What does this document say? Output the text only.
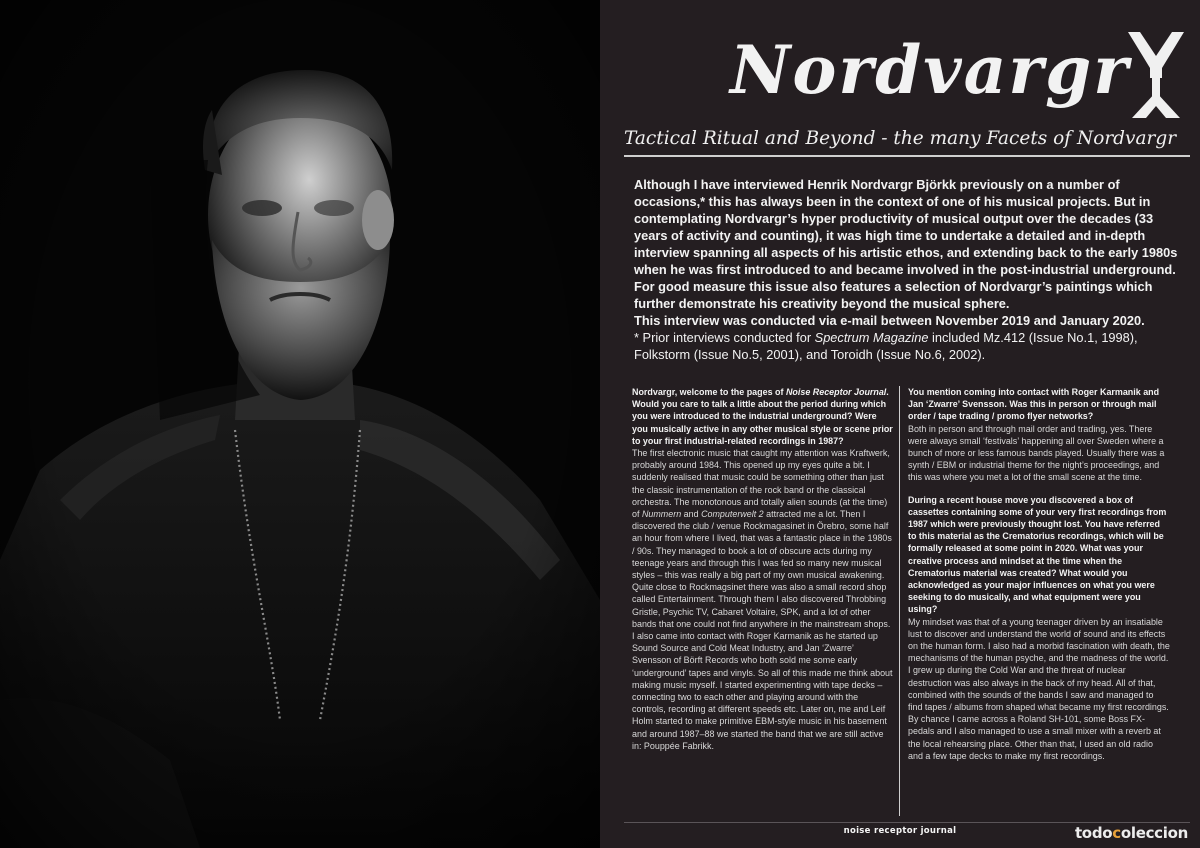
Nordvargr
Tactical Ritual and Beyond - the many Facets of Nordvargr

Although I have interviewed Henrik Nordvargr Björkk previously on a number of occasions,* this has always been in the context of one of his musical projects. But in contemplating Nordvargr’s hyper productivity of musical output over the decades (33 years of activity and counting), it was high time to undertake a detailed and in-depth interview spanning all aspects of his artistic ethos, and extending back to the early 1980s when he was first introduced to and became involved in the post-industrial underground.

For good measure this issue also features a selection of Nordvargr’s paintings which further demonstrate his creativity beyond the musical sphere.

This interview was conducted via e-mail between November 2019 and January 2020.

* Prior interviews conducted for Spectrum Magazine included Mz.412 (Issue No.1, 1998), Folkstorm (Issue No.5, 2001), and Toroidh (Issue No.6, 2002).

Nordvargr, welcome to the pages of Noise Receptor Journal. Would you care to talk a little about the period during which you were introduced to the industrial underground? Were you musically active in any other musical style or scene prior to your first industrial-related recordings in 1987?

The first electronic music that caught my attention was Kraftwerk, probably around 1984. This opened up my eyes quite a bit. I suddenly realised that music could be something other than just the classic instrumentation of the rock band or the classical orchestra. The monotonous and totally alien sounds (at the time) of Nummern and Computerwelt 2 attracted me a lot. Then I discovered the club / venue Rockmagasinet in Örebro, some half an hour from where I lived, that was a fantastic place in the 1980s / 90s. They managed to book a lot of obscure acts during my teenage years and through this I was fed so many new musical styles – this was really a big part of my own musical awakening. Quite close to Rockmagsinet there was also a small record shop called Entertainment. Through them I also discovered Throbbing Gristle, Psychic TV, Cabaret Voltaire, SPK, and a lot of other bands that one could not find anywhere in the mainstream shops.

I also came into contact with Roger Karmanik as he started up Sound Source and Cold Meat Industry, and Jan ‘Zwarre’ Svensson of Börft Records who both sold me some early ‘underground’ tapes and vinyls. So all of this made me think about making music myself. I started experimenting with tape decks – connecting two to each other and playing around with the controls, recording at different speeds etc. Later on, me and Leif Holm started to make primitive EBM-style music in his basement and around 1987–88 we started the band that we are still active in: Pouppée Fabrikk.

You mention coming into contact with Roger Karmanik and Jan ‘Zwarre’ Svensson. Was this in person or through mail order / tape trading / promo flyer networks?

Both in person and through mail order and trading, yes. There were always small ‘festivals’ happening all over Sweden where a bunch of more or less famous bands played. Usually there was a synth / EBM or industrial theme for the night’s proceedings, and this was where you met a lot of the small scene at the time.

During a recent house move you discovered a box of cassettes containing some of your very first recordings from 1987 which were previously thought lost. You have referred to this material as the Crematorius recordings, which will be formally released at some point in 2020. What was your creative process and mindset at the time when the Crematorius material was created? What would you acknowledged as your major influences on what you were seeking to do musically, and what equipment were you using?

My mindset was that of a young teenager driven by an insatiable lust to discover and understand the world of sound and its effects on the human form. I also had a morbid fascination with death, the mechanisms of the human psyche, and the madness of the world. I grew up during the Cold War and the threat of nuclear destruction was also always in the back of my head. All of that, combined with the sounds of the bands I saw and managed to find tapes / albums from shaped what became my first recordings. By chance I came across a Roland SH-101, some Boss FX-pedals and I also managed to use a small mixer with a reverb at the local rehearsing place. Other than that, I used an old radio and a few tape decks to make my first recordings.

noise receptor journal	todocoleccion
